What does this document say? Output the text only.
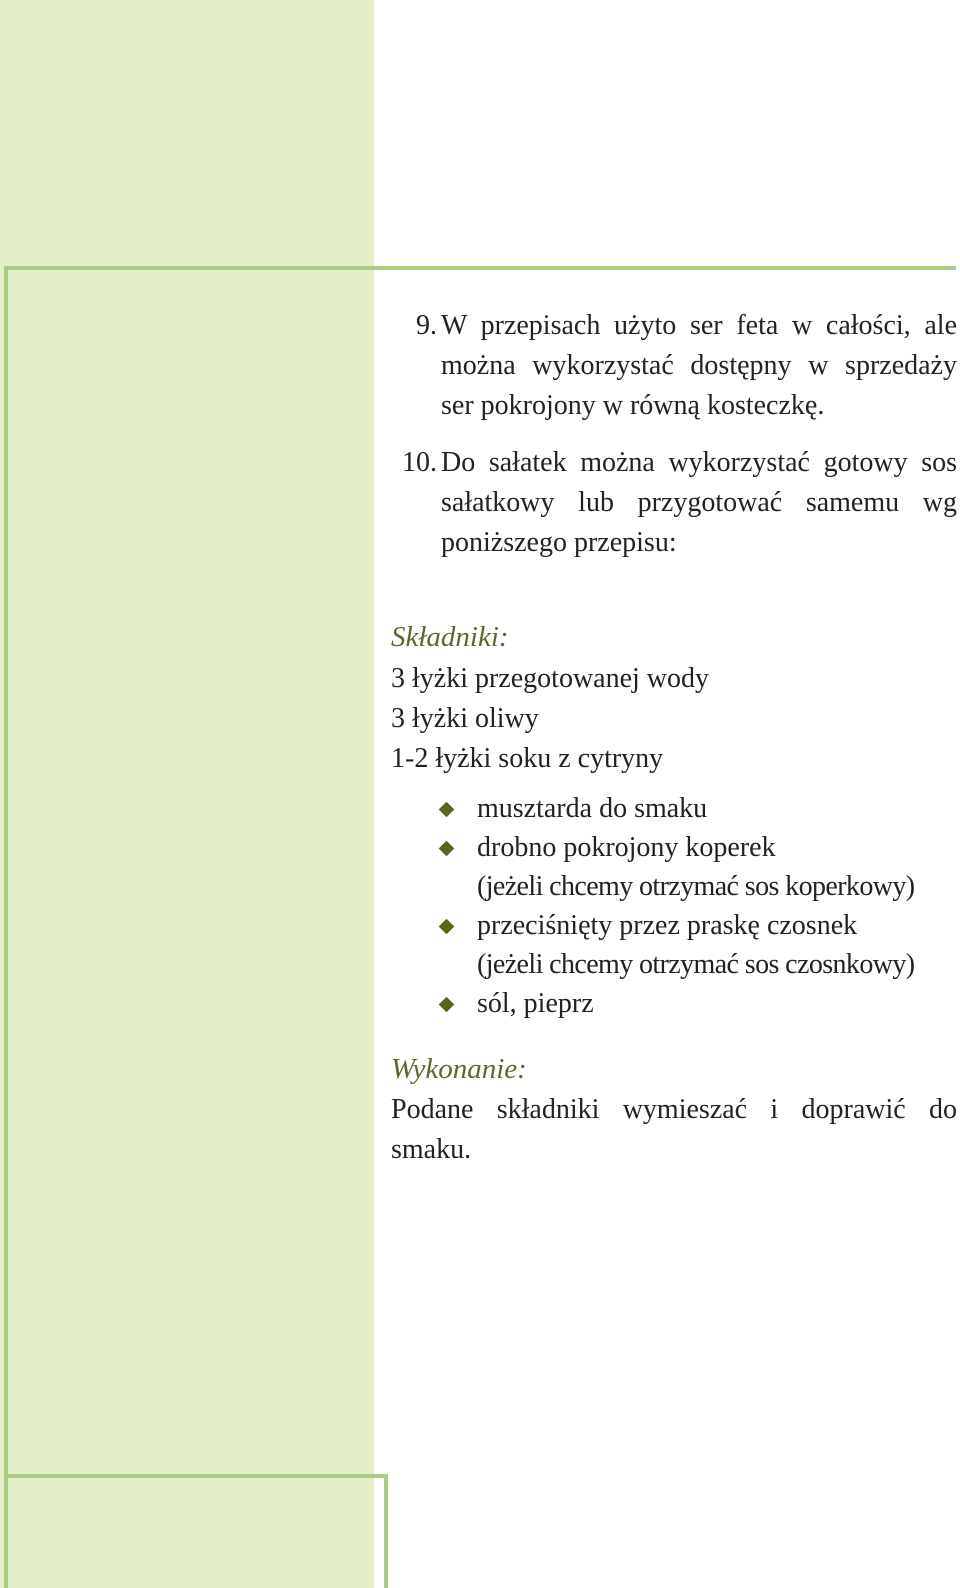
9. W przepisach użyto ser feta w całości, ale można wykorzystać dostępny w sprzedaży ser pokrojony w równą kosteczkę.
10. Do sałatek można wykorzystać gotowy sos sałatkowy lub przygotować samemu wg poniższego przepisu:
Składniki:
3 łyżki przegotowanej wody
3 łyżki oliwy
1-2 łyżki soku z cytryny
musztarda do smaku
drobno pokrojony koperek
(jeżeli chcemy otrzymać sos koperkowy)
przeciśnięty przez praskę czosnek
(jeżeli chcemy otrzymać sos czosnkowy)
sól, pieprz
Wykonanie:
Podane składniki wymieszać i doprawić do smaku.
